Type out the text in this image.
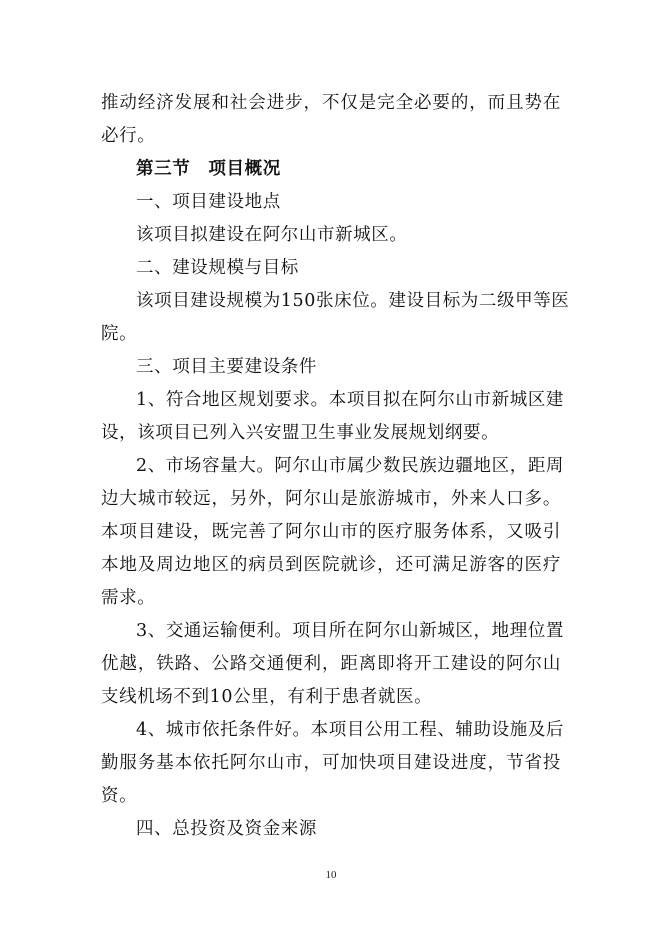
推动经济发展和社会进步，不仅是完全必要的，而且势在
必行。
第三节　项目概况
一、项目建设地点
该项目拟建设在阿尔山市新城区。
二、建设规模与目标
该项目建设规模为150张床位。建设目标为二级甲等医
院。
三、项目主要建设条件
1、符合地区规划要求。本项目拟在阿尔山市新城区建
设，该项目已列入兴安盟卫生事业发展规划纲要。
2、市场容量大。阿尔山市属少数民族边疆地区，距周
边大城市较远，另外，阿尔山是旅游城市，外来人口多。
本项目建设，既完善了阿尔山市的医疗服务体系，又吸引
本地及周边地区的病员到医院就诊，还可满足游客的医疗
需求。
3、交通运输便利。项目所在阿尔山新城区，地理位置
优越，铁路、公路交通便利，距离即将开工建设的阿尔山
支线机场不到10公里，有利于患者就医。
4、城市依托条件好。本项目公用工程、辅助设施及后
勤服务基本依托阿尔山市，可加快项目建设进度，节省投
资。
四、总投资及资金来源
10
